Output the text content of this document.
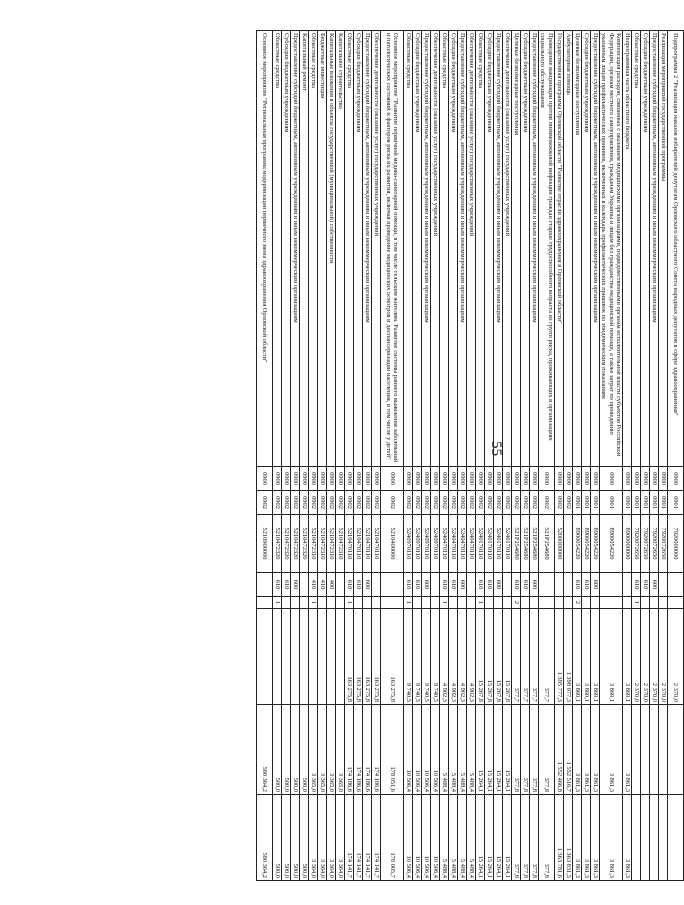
55
Подпрограмма 2 "Реализация наказов избирателей депутатам Орловского областного Совета народных депутатов в сфере здравоохранения"	0900	0901	7920000000			2 370,0		
Реализация мероприятий государственной программы	0900	0901	7920072650			2 370,0		
Предоставление субсидий бюджетным, автономным учреждениям и иным некоммерческим организациям	0900	0901	7920072650	600		2 370,0		
Субсидии бюджетным учреждениям	0900	0901	7920072650	610		2 370,0		
Областные средства	0900	0901	7920072650	610	1	2 370,0		
Непрограммная часть областного бюджета	0900	0901	8900000000			3 860,1	3 861,3	3 861,3
Компенсация расходов, связанных с оказанием медицинскими организациями, подведомственными органам исполнительной власти субъектов Российской Федерации, органам местного самоуправления, гражданам Украины и лицам без гражданства медицинской помощи, а также затрат по проведению указанным лицам профилактических прививок, включенных в календарь профилактических прививок по эпидемическим показаниям	0900	0901	8900054220			3 860,1	3 861,3	3 861,3
Предоставление субсидий бюджетным, автономным учреждениям и иным некоммерческим организациям	0900	0901	8900054220	600		3 860,1	3 861,3	3 861,3
Субсидии бюджетным учреждениям	0900	0901	8900054220	610		3 860,1	3 861,3	3 861,3
Целевые безвозмездные поступления	0900	0901	8900054220	610	2	3 860,1	3 861,3	3 861,3
Амбулаторная помощь	0900	0902				1 398 077,3	1 552 516,7	1 363 831,5
Государственная программа Орловской области "Развитие отрасли здравоохранения в Орловской области"	0900	0902	5200000000			1 395 777,3	1 552 466,8	1 363 781,6
Проведение вакцинации против пневмококковой инфекции граждан старше трудоспособного возраста из групп риска, проживающих в организациях социального обслуживания	0900	0902	521P254680			377,7	377,8	377,8
Предоставление субсидий бюджетным, автономным учреждениям и иным некоммерческим организациям	0900	0902	521P254680	600		377,7	377,8	377,8
Субсидии бюджетным учреждениям	0900	0902	521P254680	610		377,7	377,8	377,8
Целевые безвозмездные поступления	0900	0902	521P254680	610	2	377,7	377,8	377,8
Обеспечение деятельности (оказание услуг) государственных учреждений	0900	0902	5240170110			15 267,8	15 264,1	15 264,1
Предоставление субсидий бюджетным, автономным учреждениям и иным некоммерческим организациям	0900	0902	5240170110	600		15 267,8	15 264,1	15 264,1
Субсидии бюджетным учреждениям	0900	0902	5240170110	610		15 267,8	15 264,1	15 264,1
Областные средства	0900	0902	5240170110	610	1	15 267,8	15 264,1	15 264,1
Обеспечение деятельности (оказание услуг) государственных учреждений	0900	0902	5240470110			4 902,3	5 488,4	5 488,4
Предоставление субсидий бюджетным, автономным учреждениям и иным некоммерческим организациям	0900	0902	5240470110	600		4 902,3	5 488,4	5 488,4
Субсидии бюджетным учреждениям	0900	0902	5240470110	610		4 902,3	5 488,4	5 488,4
Областные средства	0900	0902	5240470110	610	1	4 902,3	5 488,4	5 488,4
Обеспечение деятельности (оказание услуг) государственных учреждений	0900	0902	5240970110			9 740,5	10 506,4	10 506,4
Предоставление субсидий бюджетным, автономным учреждениям и иным некоммерческим организациям	0900	0902	5240970110	600		9 740,5	10 506,4	10 506,4
Субсидии бюджетным учреждениям	0900	0902	5240970110	610		9 740,5	10 506,4	10 506,4
Областные средства	0900	0902	5240970110	610	1	9 740,5	10 506,4	10 506,4
Основное мероприятие "Развитие первичной медико-санитарной помощи, в том числе сельским жителям. Развитие системы раннего выявления заболеваний и патологических состояний и факторов риска их развития, включая проведение медицинских осмотров и диспансеризации населения, в том числе у детей"	0900	0902	5210400000			163 275,8	178 051,6	178 005,7
Обеспечение деятельности (оказание услуг) государственных учреждений	0900	0902	5210470110			163 275,8	174 186,6	174 141,7
Предоставление субсидий бюджетным, автономным учреждениям и иным некоммерческим организациям	0900	0902	5210470110	600		163 275,8	174 186,6	174 141,7
Субсидии бюджетным учреждениям	0900	0902	5210470110	610		163 275,8	174 186,6	174 141,7
Областные средства	0900	0902	5210470110	610	1	163 275,8	174 186,6	174 141,7
Капитальное строительство	0900	0902	5210472310				3 365,0	3 364,0
Капитальные вложения в объекты государственной (муниципальной) собственности	0900	0902	5210472310	400			3 365,0	3 364,0
Бюджетные инвестиции	0900	0902	5210472310	410			3 365,0	3 364,0
Областные средства	0900	0902	5210472310	410	1		3 365,0	3 364,0
Капитальный ремонт	0900	0902	5210472320				500,0	500,0
Предоставление субсидий бюджетным, автономным учреждениям и иным некоммерческим организациям	0900	0902	5210472320	600			500,0	500,0
Субсидии бюджетным учреждениям	0900	0902	5210472320	610			500,0	500,0
Областные средства	0900	0902	5210472320	610	1		500,0	500,0
Основное мероприятие "Региональная программа модернизации первичного звена здравоохранения Орловской области"	0900	0902	5210900000				580 364,2	580 364,2
